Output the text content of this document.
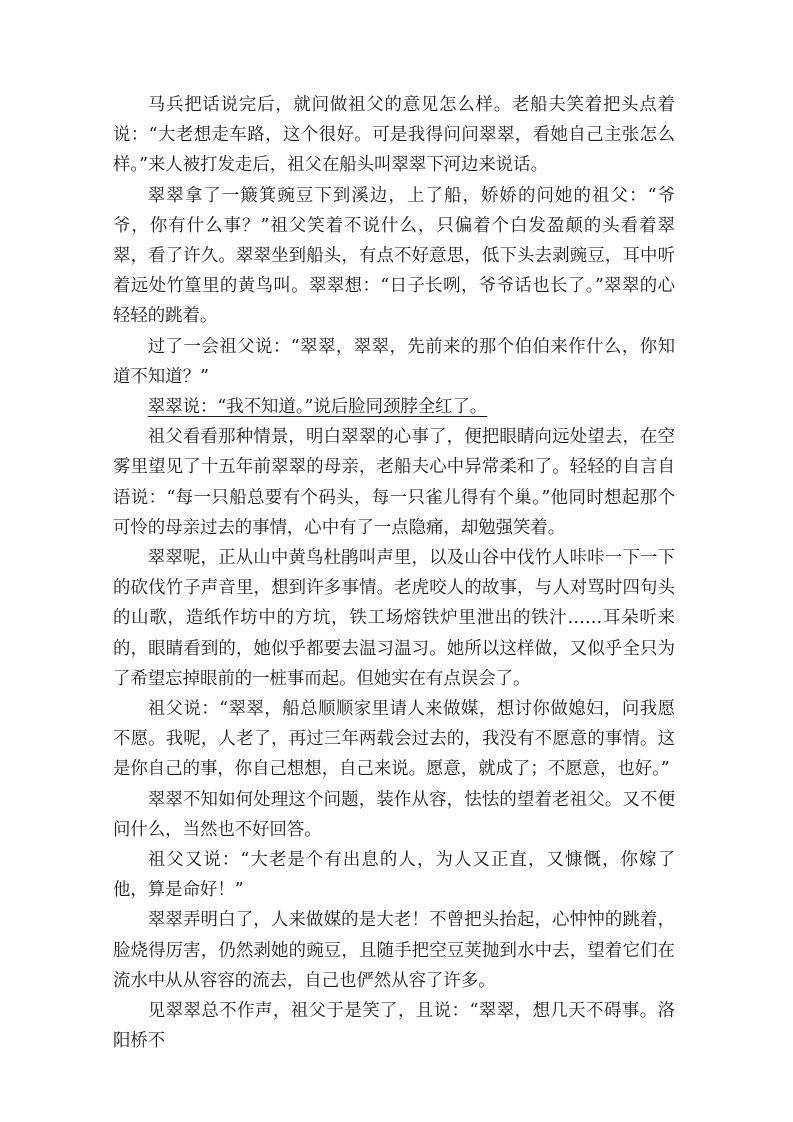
马兵把话说完后，就问做祖父的意见怎么样。老船夫笑着把头点着说：“大老想走车路，这个很好。可是我得问问翠翠，看她自己主张怎么样。”来人被打发走后，祖父在船头叫翠翠下河边来说话。

翠翠拿了一簸箕豌豆下到溪边，上了船，娇娇的问她的祖父：“爷爷，你有什么事？”祖父笑着不说什么，只偏着个白发盈颠的头看着翠翠，看了许久。翠翠坐到船头，有点不好意思，低下头去剥豌豆，耳中听着远处竹篁里的黄鸟叫。翠翠想：“日子长咧，爷爷话也长了。”翠翠的心轻轻的跳着。

过了一会祖父说：“翠翠，翠翠，先前来的那个伯伯来作什么，你知道不知道？”

翠翠说：“我不知道。”说后脸同颈脖全红了。

祖父看看那种情景，明白翠翠的心事了，便把眼睛向远处望去，在空雾里望见了十五年前翠翠的母亲，老船夫心中异常柔和了。轻轻的自言自语说：“每一只船总要有个码头，每一只雀儿得有个巢。”他同时想起那个可怜的母亲过去的事情，心中有了一点隐痛，却勉强笑着。

翠翠呢，正从山中黄鸟杜鹃叫声里，以及山谷中伐竹人咔咔一下一下的砍伐竹子声音里，想到许多事情。老虎咬人的故事，与人对骂时四句头的山歌，造纸作坊中的方坑，铁工场熔铁炉里泄出的铁汁……耳朵听来的，眼睛看到的，她似乎都要去温习温习。她所以这样做，又似乎全只为了希望忘掉眼前的一桩事而起。但她实在有点误会了。

祖父说：“翠翠，船总顺顺家里请人来做媒，想讨你做媳妇，问我愿不愿。我呢，人老了，再过三年两载会过去的，我没有不愿意的事情。这是你自己的事，你自己想想，自己来说。愿意，就成了；不愿意，也好。”

翠翠不知如何处理这个问题，装作从容，怯怯的望着老祖父。又不便问什么，当然也不好回答。

祖父又说：“大老是个有出息的人，为人又正直，又慷慨，你嫁了他，算是命好！”

翠翠弄明白了，人来做媒的是大老！不曾把头抬起，心忡忡的跳着，脸烧得厉害，仍然剥她的豌豆，且随手把空豆荚抛到水中去，望着它们在流水中从从容容的流去，自己也俨然从容了许多。

见翠翠总不作声，祖父于是笑了，且说：“翠翠，想几天不碍事。洛阳桥不
